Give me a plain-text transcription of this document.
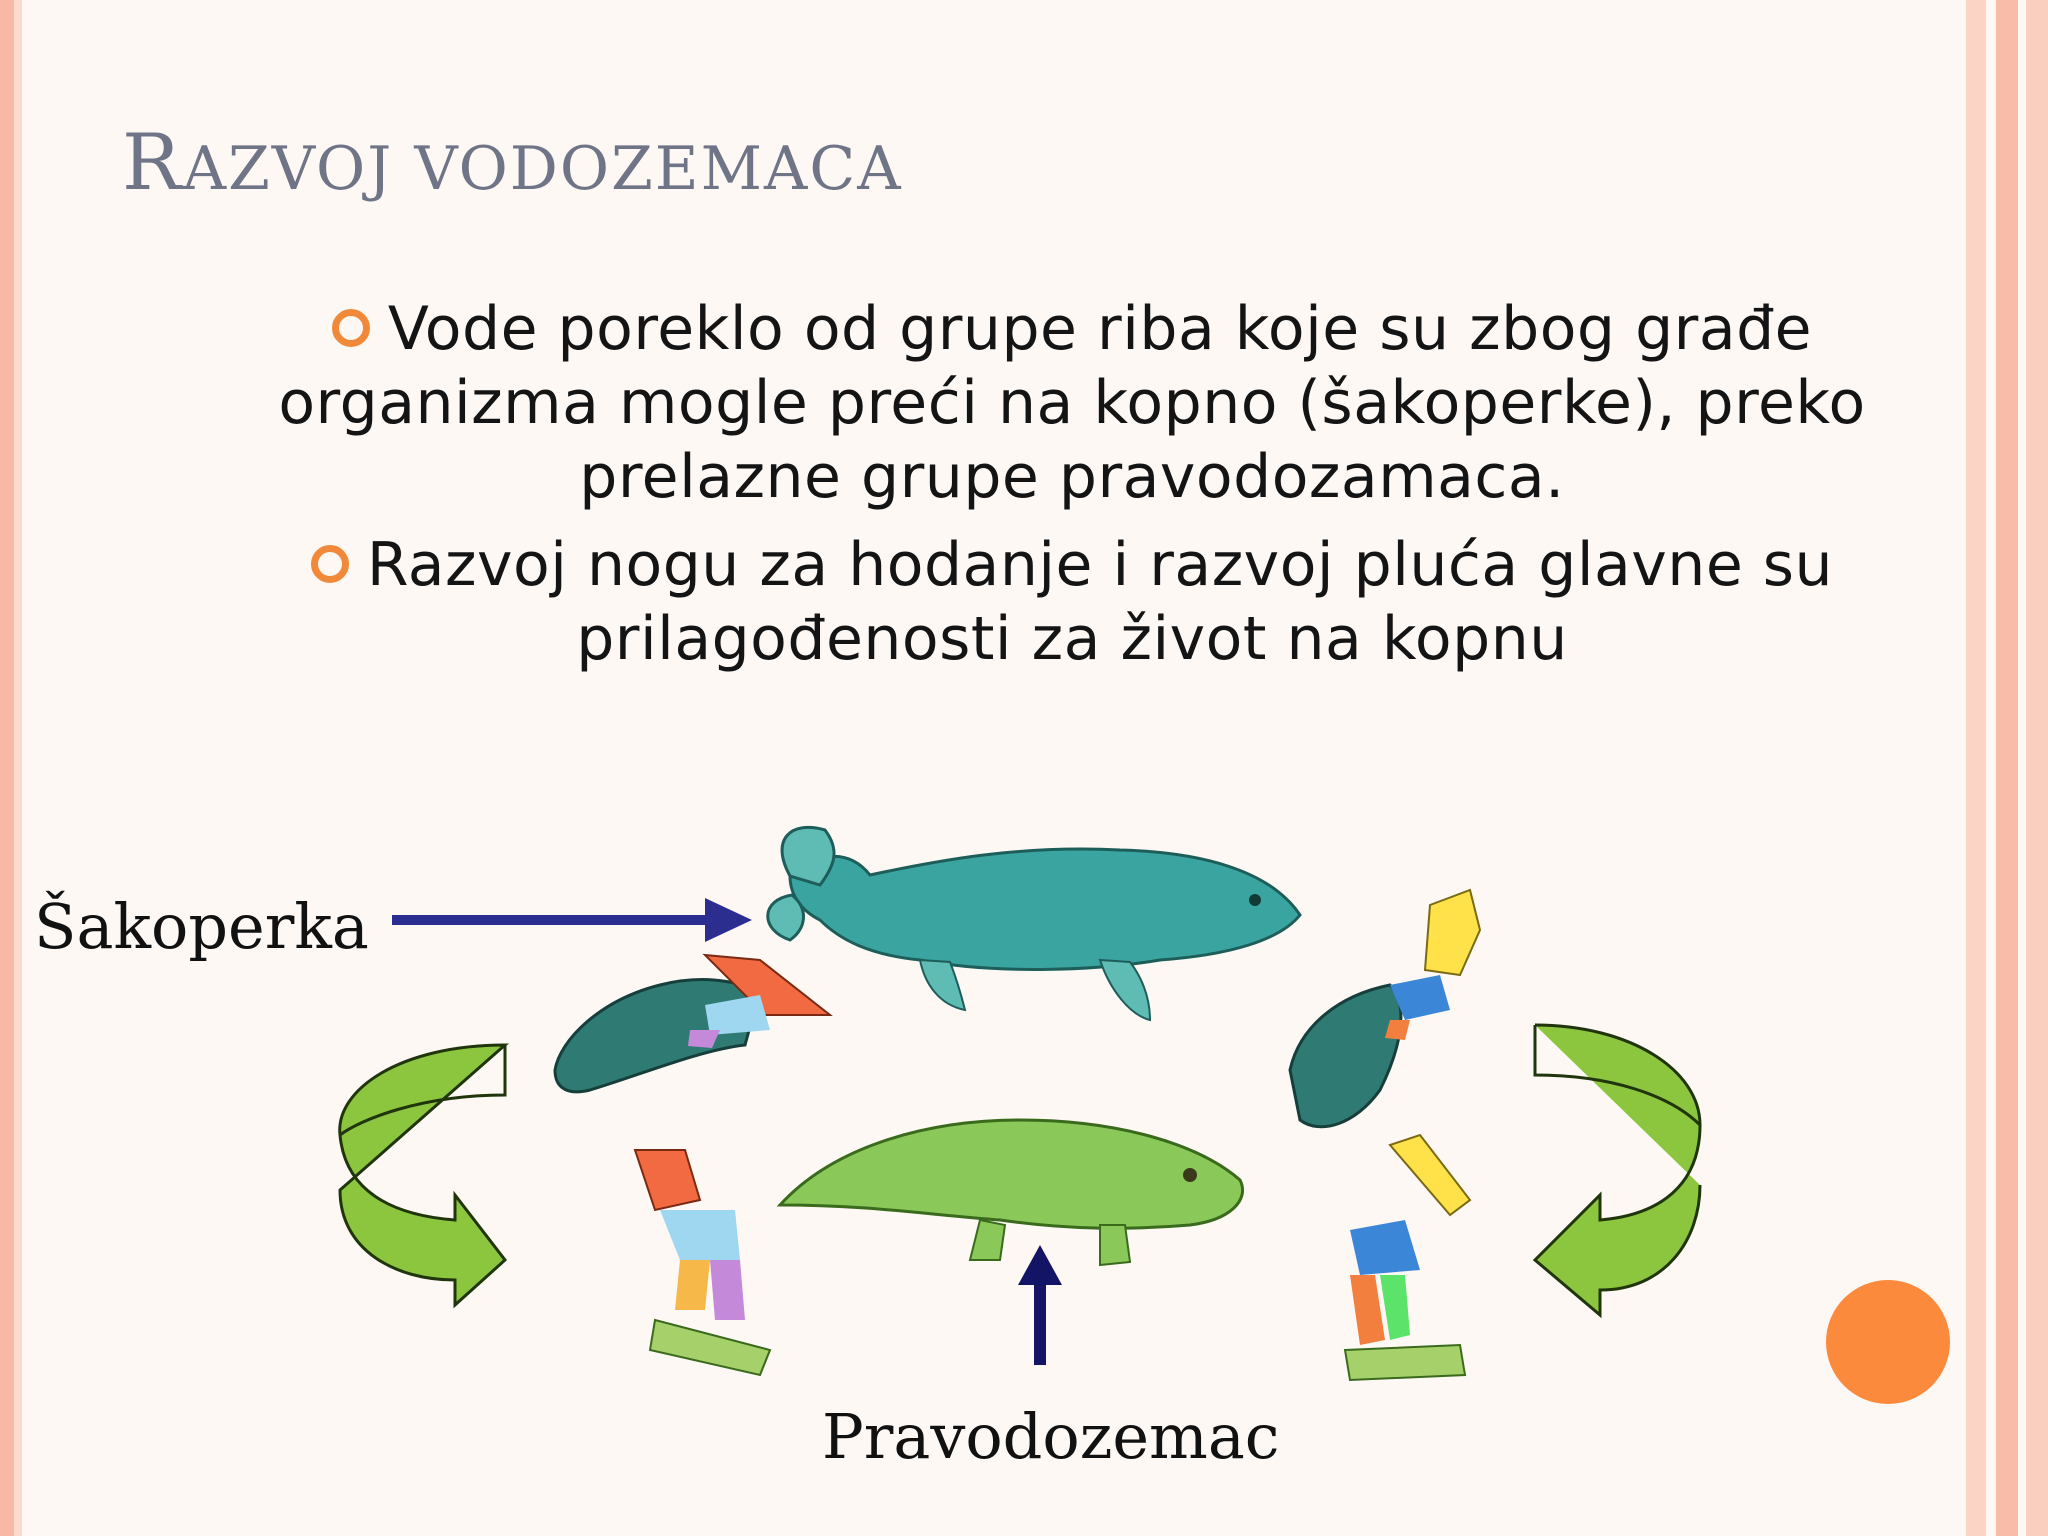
RAZVOJ VODOZEMACA
Vode poreklo od grupe riba koje su zbog građe
organizma mogle preći na kopno (šakoperke), preko
prelazne grupe pravodozamaca.
Razvoj nogu za hodanje i razvoj pluća glavne su
prilagođenosti za život na kopnu
Šakoperka
Pravodozemac
